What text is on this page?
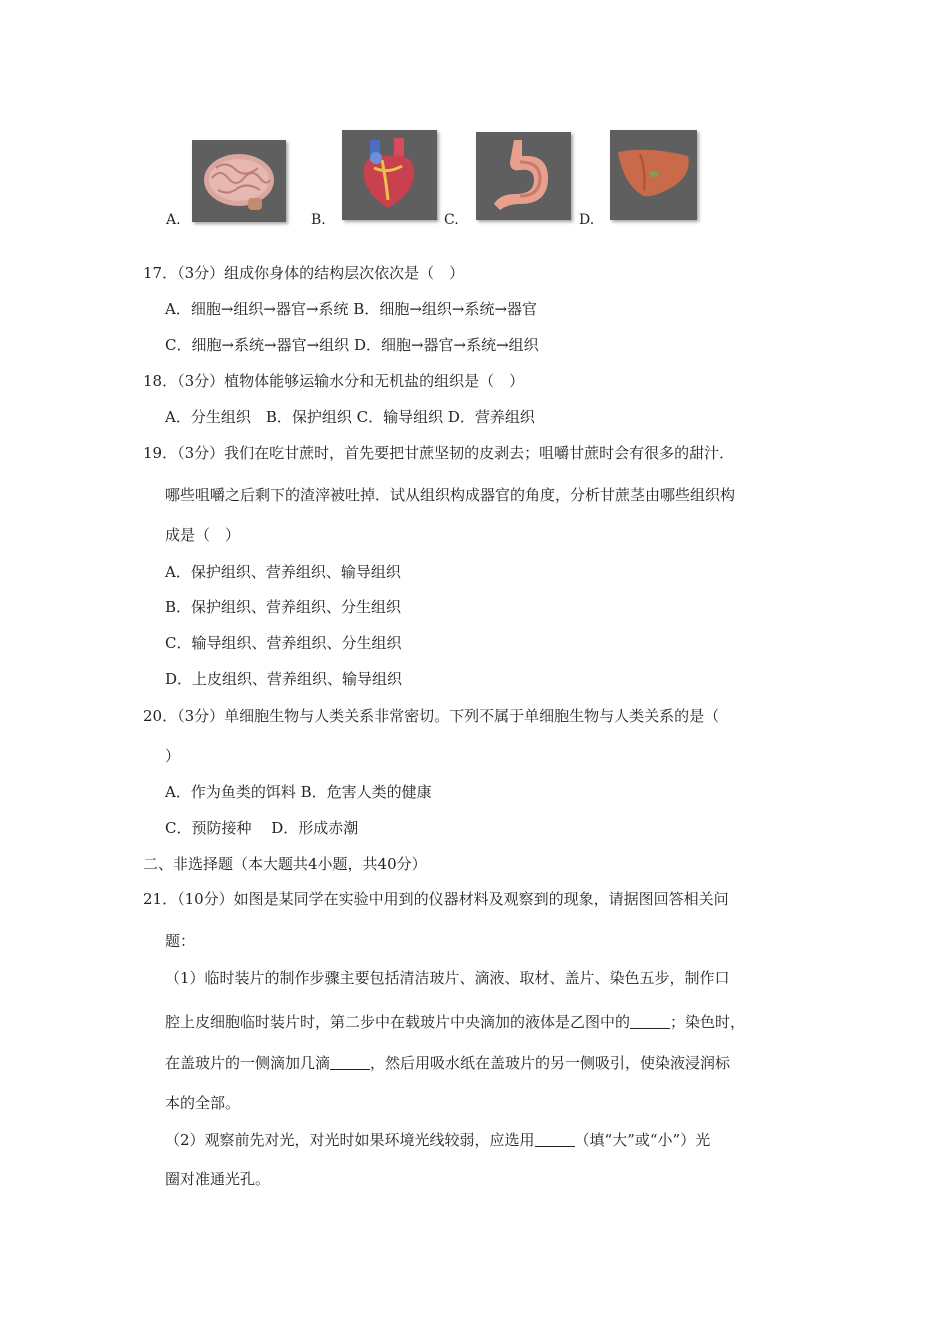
A.	B.	C.	D.
17．（3分）组成你身体的结构层次依次是（　）
A．细胞→组织→器官→系统 B．细胞→组织→系统→器官
C．细胞→系统→器官→组织 D．细胞→器官→系统→组织
18．（3分）植物体能够运输水分和无机盐的组织是（　）
A．分生组织　B．保护组织 C．输导组织 D．营养组织
19．（3分）我们在吃甘蔗时，首先要把甘蔗坚韧的皮剥去；咀嚼甘蔗时会有很多的甜汁．
哪些咀嚼之后剩下的渣滓被吐掉．试从组织构成器官的角度，分析甘蔗茎由哪些组织构
成是（　）
A．保护组织、营养组织、输导组织
B．保护组织、营养组织、分生组织
C．输导组织、营养组织、分生组织
D．上皮组织、营养组织、输导组织
20．（3分）单细胞生物与人类关系非常密切。下列不属于单细胞生物与人类关系的是（
）
A．作为鱼类的饵料 B．危害人类的健康
C．预防接种　 D．形成赤潮
二、非选择题（本大题共4小题，共40分）
21．（10分）如图是某同学在实验中用到的仪器材料及观察到的现象，请据图回答相关问
题：
（1）临时装片的制作步骤主要包括清洁玻片、滴液、取材、盖片、染色五步，制作口
腔上皮细胞临时装片时，第二步中在载玻片中央滴加的液体是乙图中的	；染色时，
在盖玻片的一侧滴加几滴	，然后用吸水纸在盖玻片的另一侧吸引，使染液浸润标
本的全部。
（2）观察前先对光，对光时如果环境光线较弱，应选用	（填“大”或“小”）光
圈对准通光孔。
